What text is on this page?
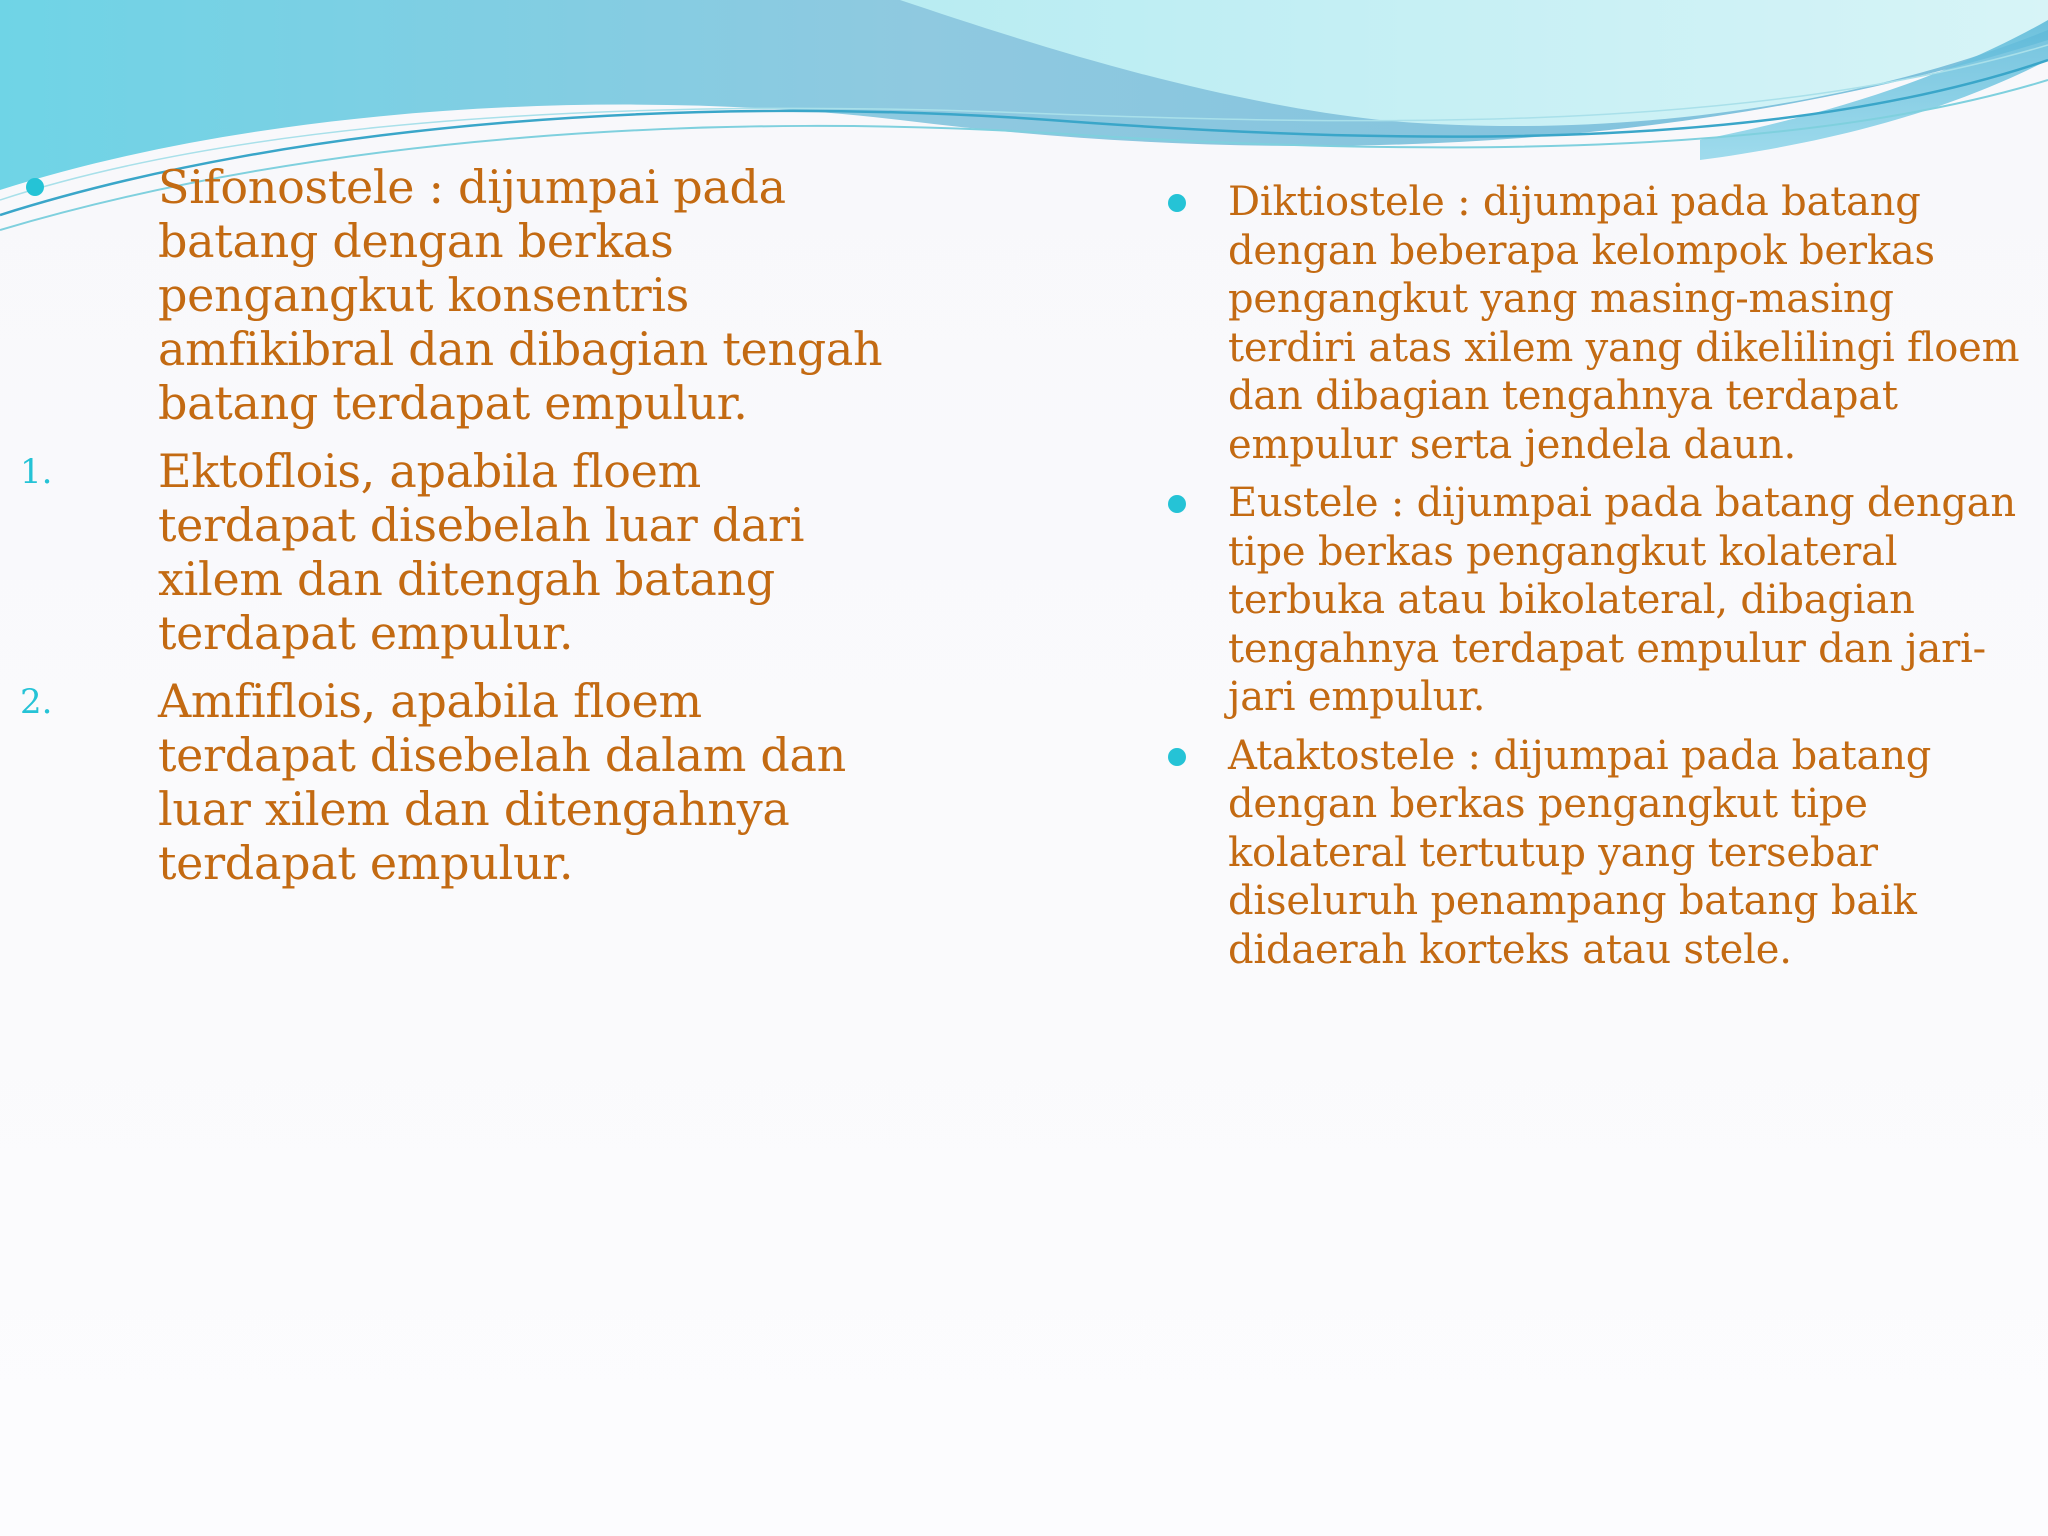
Sifonostele : dijumpai pada batang dengan berkas pengangkut konsentris amfikibral dan dibagian tengah batang terdapat empulur.
1. Ektoflois, apabila floem terdapat disebelah luar dari xilem dan ditengah batang terdapat empulur.
2. Amfiflois, apabila floem terdapat disebelah dalam dan luar xilem dan ditengahnya terdapat empulur.
Diktiostele : dijumpai pada batang dengan beberapa kelompok berkas pengangkut yang masing-masing terdiri atas xilem yang dikelilingi floem dan dibagian tengahnya terdapat empulur serta jendela daun.
Eustele : dijumpai pada batang dengan tipe berkas pengangkut kolateral terbuka atau bikolateral, dibagian tengahnya terdapat empulur dan jari-jari empulur.
Ataktostele : dijumpai pada batang dengan berkas pengangkut tipe kolateral tertutup yang tersebar diseluruh penampang batang baik didaerah korteks atau stele.
